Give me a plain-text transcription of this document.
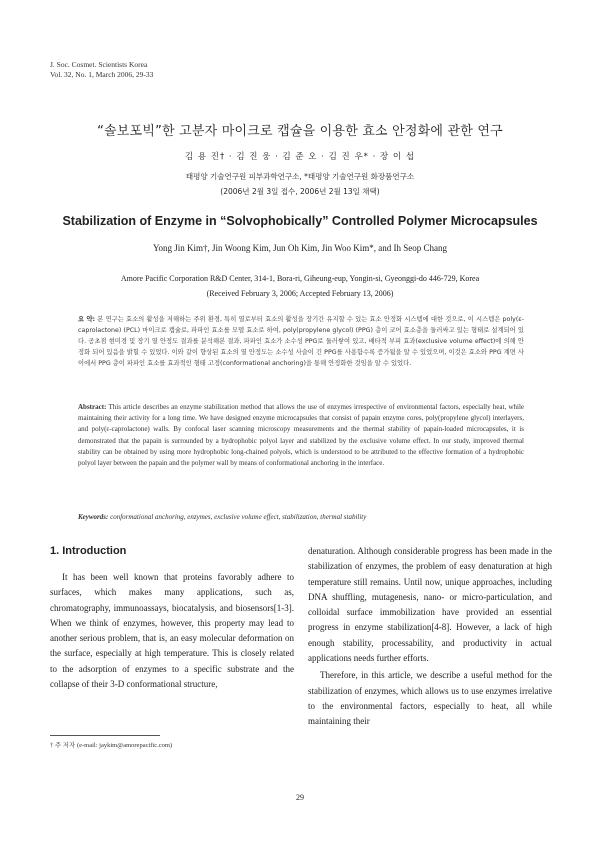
J. Soc. Cosmet. Scientists Korea
Vol. 32, No. 1, March 2006, 29-33
“솔보포빅”한 고분자 마이크로 캡슐을 이용한 효소 안정화에 관한 연구
김 용 진† · 김 진 웅 · 김 준 오 · 김 진 우* · 장 이 섭
태평양 기술연구원 피부과학연구소, *태평양 기술연구원 화장품연구소
(2006년 2월 3일 접수, 2006년 2월 13일 채택)
Stabilization of Enzyme in “Solvophobically” Controlled Polymer Microcapsules
Yong Jin Kim†, Jin Woong Kim, Jun Oh Kim, Jin Woo Kim*, and Ih Seop Chang
Amore Pacific Corporation R&D Center, 314-1, Bora-ri, Giheung-eup, Yongin-si, Gyeonggi-do 446-729, Korea
(Received February 3, 2006; Accepted February 13, 2006)
요 약: 본 연구는 효소의 활성을 저해하는 주위 환경, 특히 열로부터 효소의 활성을 장기간 유지할 수 있는 효소 안정화 시스템에 대한 것으로, 이 시스템은 poly(ε-caprolactone) (PCL) 마이크로 캡슐로, 파파인 효소를 모델 효소로 하여, poly(propylene glycol) (PPG) 층이 코어 효소층을 둘러싸고 있는 형태로 설계되어 있다. 공초점 현미경 및 장기 열 안정도 결과를 분석해본 결과, 파파인 효소가 소수성 PPG로 둘러쌓여 있고, 배타적 부피 효과(exclusive volume effect)에 의해 안정화 되어 있음을 밝힐 수 있었다. 이와 같이 향상된 효소의 열 안정도는 소수성 사슬이 긴 PPG를 사용함수록 증가됨을 알 수 있었으며, 이것은 효소와 PPG 계면 사이에서 PPG 층이 파파인 효소를 효과적인 형태 고정(conformational anchoring)을 통해 안정화한 것임을 알 수 있었다.
Abstract: This article describes an enzyme stabilization method that allows the use of enzymes irrespective of environmental factors, especially heat, while maintaining their activity for a long time. We have designed enzyme microcapsules that consist of papain enzyme cores, poly(propylene glycol) interlayers, and poly(ε-caprolactone) walls. By confocal laser scanning microscopy measurements and the thermal stability of papain-loaded microcapsules, it is demonstrated that the papain is surrounded by a hydrophobic polyol layer and stabilized by the exclusive volume effect. In our study, improved thermal stability can be obtained by using more hydrophobic long-chained polyols, which is understood to be attributed to the effective formation of a hydrophobic polyol layer between the papain and the polymer wall by means of conformational anchoring in the interface.
Keywords: conformational anchoring, enzymes, exclusive volume effect, stabilization, thermal stability
1. Introduction

It has been well known that proteins favorably adhere to surfaces, which makes many applications, such as, chromatography, immunoassays, biocatalysis, and biosensors[1-3]. When we think of enzymes, however, this property may lead to another serious problem, that is, an easy molecular deformation on the surface, especially at high temperature. This is closely related to the adsorption of enzymes to a specific substrate and the collapse of their 3-D conformational structure,

denaturation. Although considerable progress has been made in the stabilization of enzymes, the problem of easy denaturation at high temperature still remains. Until now, unique approaches, including DNA shuffling, mutagenesis, nano- or micro-particulation, and colloidal surface immobilization have provided an essential progress in enzyme stabilization[4-8]. However, a lack of high enough stability, processability, and productivity in actual applications needs further efforts.

Therefore, in this article, we describe a useful method for the stabilization of enzymes, which allows us to use enzymes irrelative to the environmental factors, especially to heat, all while maintaining their

† 주 저자 (e-mail: jaykim@amorepacific.com)
29
